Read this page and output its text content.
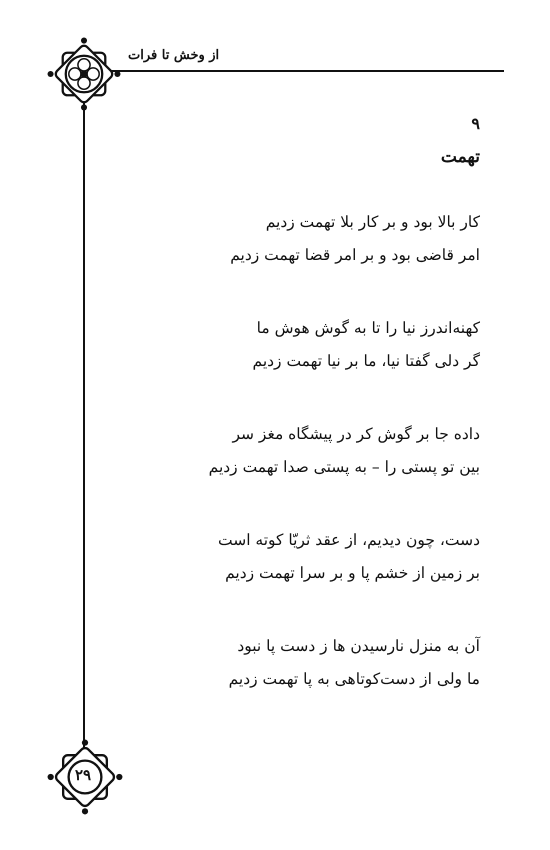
از وخش تا فرات
۹
تهمت
کار بالا بود و بر کار بلا تهمت زدیم
امر قاضی بود و بر امر قضا تهمت زدیم
کهنه‌اندرز نیا را تا به گوش هوش ما
گر دلی گفتا نیا، ما بر نیا تهمت زدیم
داده جا بر گوش کر در پیشگاه مغز سر
بین تو پستی را – به پستی صدا تهمت زدیم
دست، چون دیدیم، از عقد ثریّا کوته است
بر زمین از خشم پا و بر سرا تهمت زدیم
آن به منزل نارسیدن ها ز دست پا نبود
ما ولی از دست‌کوتاهی به پا تهمت زدیم
۲۹
